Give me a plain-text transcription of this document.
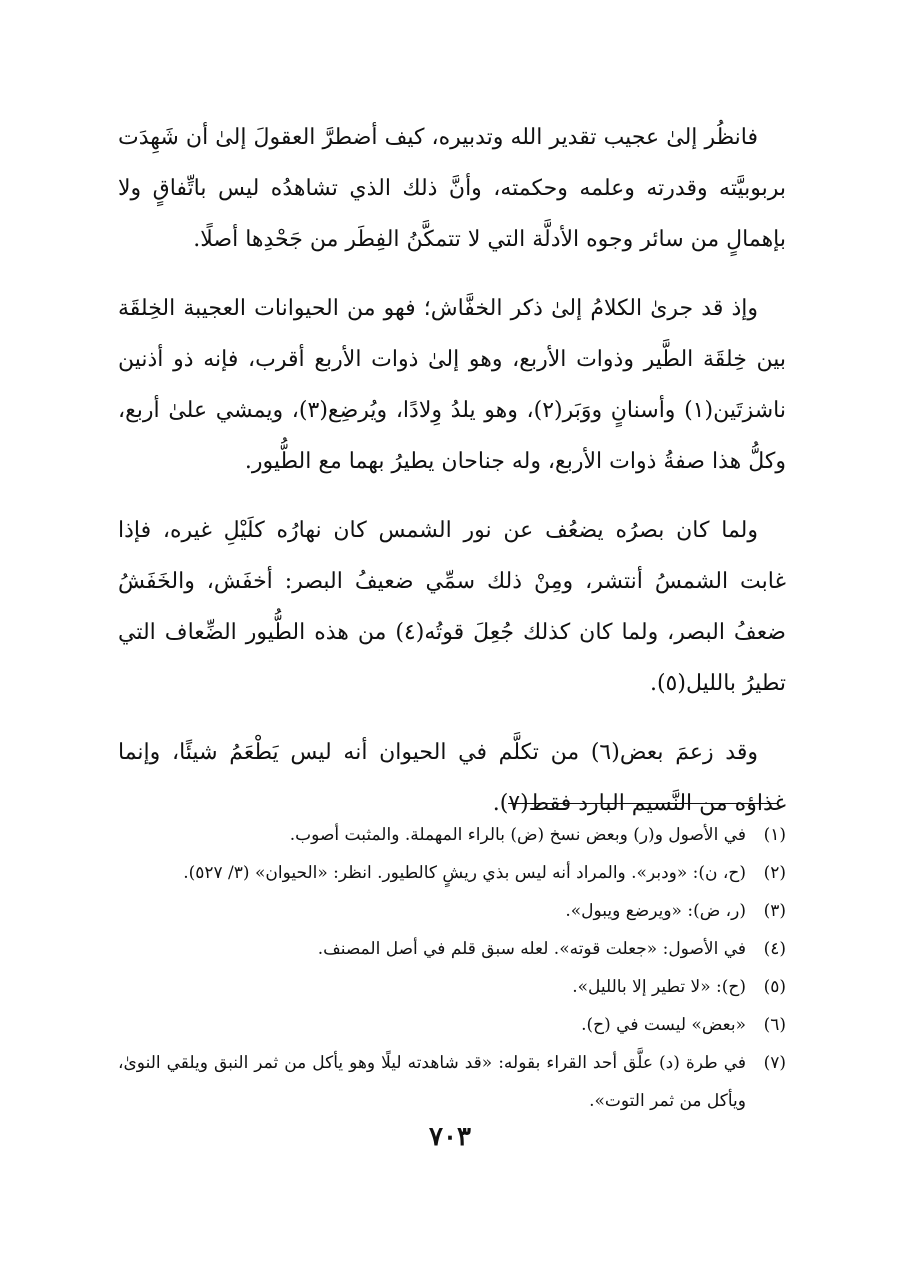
فانظُر إلىٰ عجيب تقدير الله وتدبيره، كيف أضطرَّ العقولَ إلىٰ أن شَهِدَت بربوبيَّته وقدرته وعلمه وحكمته، وأنَّ ذلك الذي تشاهدُه ليس باتِّفاقٍ ولا بإهمالٍ من سائر وجوه الأدلَّة التي لا تتمكَّنُ الفِطَر من جَحْدِها أصلًا.

وإذ قد جرىٰ الكلامُ إلىٰ ذكر الخفَّاش؛ فهو من الحيوانات العجيبة الخِلقَة بين خِلقَة الطَّير وذوات الأربع، وهو إلىٰ ذوات الأربع أقرب، فإنه ذو أذنين ناشزتَين(١) وأسنانٍ ووَبَر(٢)، وهو يلدُ وِلادًا، ويُرضِع(٣)، ويمشي علىٰ أربع، وكلُّ هذا صفةُ ذوات الأربع، وله جناحان يطيرُ بهما مع الطُّيور.

ولما كان بصرُه يضعُف عن نور الشمس كان نهارُه كلَيْلِ غيره، فإذا غابت الشمسُ أنتشر، ومِنْ ذلك سمِّي ضعيفُ البصر: أخفَش، والخَفَشُ ضعفُ البصر، ولما كان كذلك جُعِلَ قوتُه(٤) من هذه الطُّيور الضِّعاف التي تطيرُ بالليل(٥).

وقد زعمَ بعض(٦) من تكلَّم في الحيوان أنه ليس يَطْعَمُ شيئًا، وإنما غذاؤه من النَّسيم البارد فقط(٧).

(١)
في الأصول و(ر) وبعض نسخ (ض) بالراء المهملة. والمثبت أصوب.
(٢)
(ح، ن): «ودبر». والمراد أنه ليس بذي ريشٍ كالطيور. انظر: «الحيوان» (٣/ ٥٢٧).
(٣)
(ر، ض): «ويرضع ويبول».
(٤)
في الأصول: «جعلت قوته». لعله سبق قلم في أصل المصنف.
(٥)
(ح): «لا تطير إلا بالليل».
(٦)
«بعض» ليست في (ح).
(٧)
في طرة (د) علَّق أحد القراء بقوله: «قد شاهدته ليلًا وهو يأكل من ثمر النبق ويلقي النوىٰ، ويأكل من ثمر التوت».
٧٠٣
